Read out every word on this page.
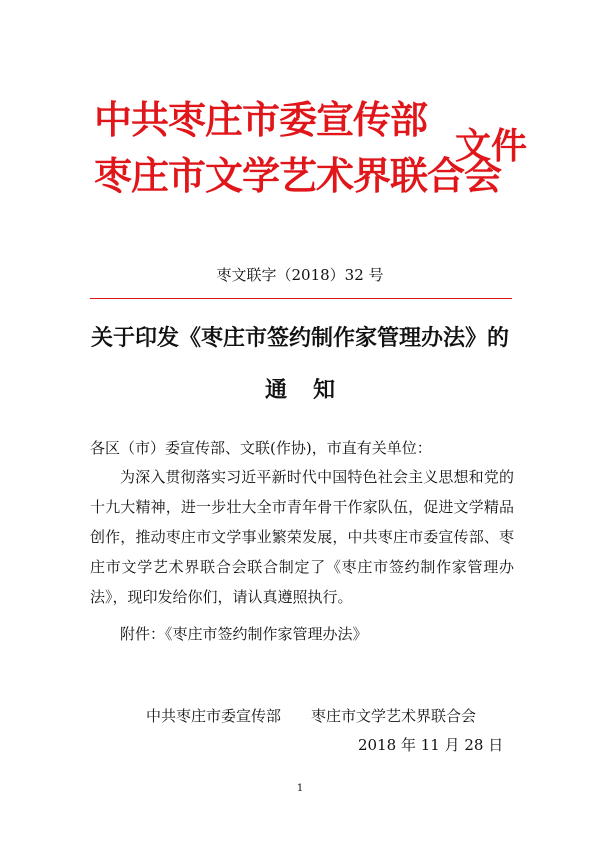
中共枣庄市委宣传部
枣庄市文学艺术界联合会
文件
枣文联字（2018）32 号
关于印发《枣庄市签约制作家管理办法》的
通知
各区（市）委宣传部、文联(作协)，市直有关单位：
为深入贯彻落实习近平新时代中国特色社会主义思想和党的十九大精神，进一步壮大全市青年骨干作家队伍，促进文学精品创作，推动枣庄市文学事业繁荣发展，中共枣庄市委宣传部、枣庄市文学艺术界联合会联合制定了《枣庄市签约制作家管理办法》，现印发给你们，请认真遵照执行。
附件：《枣庄市签约制作家管理办法》
中共枣庄市委宣传部 枣庄市文学艺术界联合会
2018 年 11 月 28 日
1
